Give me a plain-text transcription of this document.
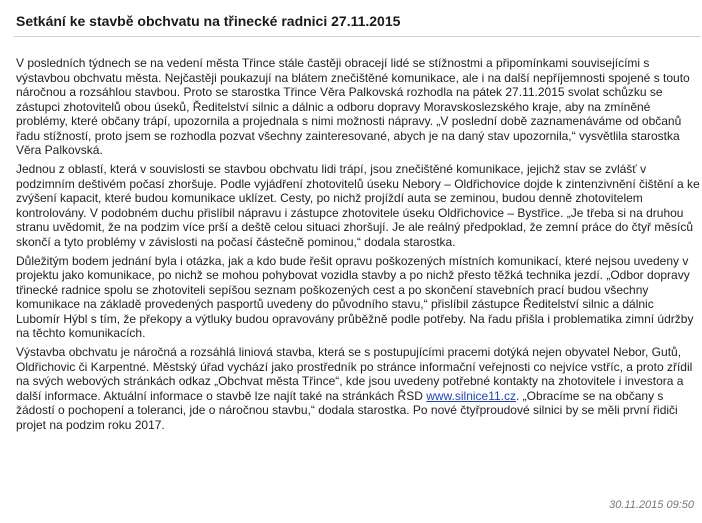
Setkání ke stavbě obchvatu na třinecké radnici 27.11.2015

V posledních týdnech se na vedení města Třince stále častěji obracejí lidé se stížnostmi a připomínkami souvisejícími s výstavbou obchvatu města. Nejčastěji poukazují na blátem znečištěné komunikace, ale i na další nepříjemnosti spojené s touto náročnou a rozsáhlou stavbou. Proto se starostka Třince Věra Palkovská rozhodla na pátek 27.11.2015 svolat schůzku se zástupci zhotovitelů obou úseků, Ředitelství silnic a dálnic a odboru dopravy Moravskoslezského kraje, aby na zmíněné problémy, které občany trápí, upozornila a projednala s nimi možnosti nápravy. „V poslední době zaznamenáváme od občanů řadu stížností, proto jsem se rozhodla pozvat všechny zainteresované, abych je na daný stav upozornila,“ vysvětlila starostka Věra Palkovská.

Jednou z oblastí, která v souvislosti se stavbou obchvatu lidi trápí, jsou znečištěné komunikace, jejichž stav se zvlášť v podzimním deštivém počasí zhoršuje. Podle vyjádření zhotovitelů úseku Nebory – Oldřichovice dojde k zintenzivnění čištění a ke zvýšení kapacit, které budou komunikace uklízet. Cesty, po nichž projíždí auta se zeminou, budou denně zhotovitelem kontrolovány. V podobném duchu přislíbil nápravu i zástupce zhotovitele úseku Oldřichovice – Bystřice. „Je třeba si na druhou stranu uvědomit, že na podzim více prší a deště celou situaci zhoršují. Je ale reálný předpoklad, že zemní práce do čtyř měsíců skončí a tyto problémy v závislosti na počasí částečně pominou,“ dodala starostka.

Důležitým bodem jednání byla i otázka, jak a kdo bude řešit opravu poškozených místních komunikací, které nejsou uvedeny v projektu jako komunikace, po nichž se mohou pohybovat vozidla stavby a po nichž přesto těžká technika jezdí. „Odbor dopravy třinecké radnice spolu se zhotoviteli sepíšou seznam poškozených cest a po skončení stavebních prací budou všechny komunikace na základě provedených pasportů uvedeny do původního stavu,“ přislíbil zástupce Ředitelství silnic a dálnic Lubomír Hýbl s tím, že překopy a výtluky budou opravovány průběžně podle potřeby. Na řadu přišla i problematika zimní údržby na těchto komunikacích.

Výstavba obchvatu je náročná a rozsáhlá liniová stavba, která se s postupujícími pracemi dotýká nejen obyvatel Nebor, Gutů, Oldřichovic či Karpentné. Městský úřad vychází jako prostředník po stránce informační veřejnosti co nejvíce vstříc, a proto zřídil na svých webových stránkách odkaz „Obchvat města Třince“, kde jsou uvedeny potřebné kontakty na zhotovitele i investora a další informace. Aktuální informace o stavbě lze najít také na stránkách ŘSD www.silnice11.cz. „Obracíme se na občany s žádostí o pochopení a toleranci, jde o náročnou stavbu,“ dodala starostka. Po nové čtyřproudové silnici by se měli první řidiči projet na podzim roku 2017.

30.11.2015 09:50
